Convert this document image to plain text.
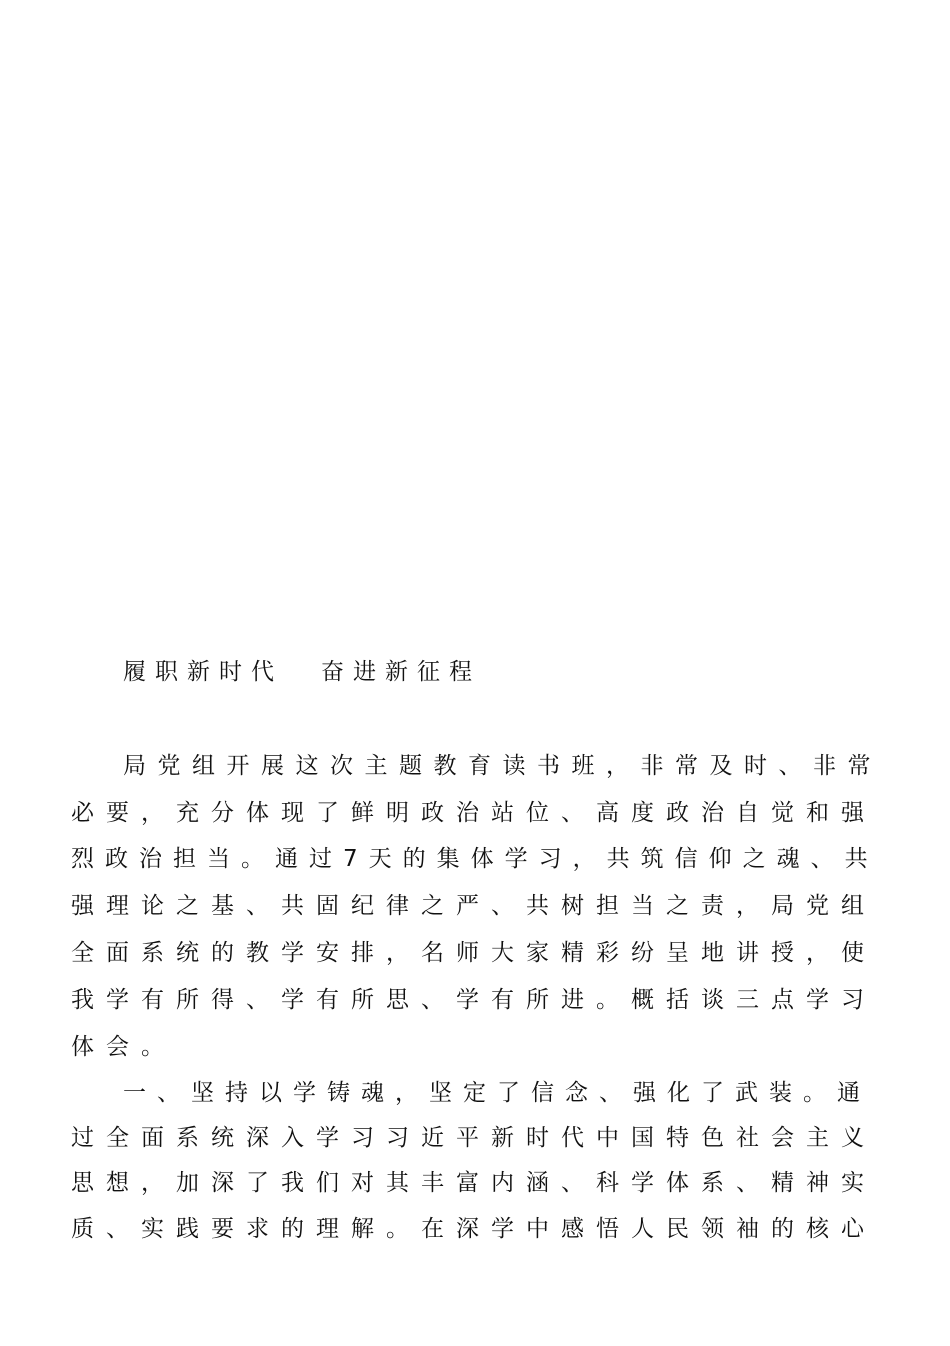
履职新时代 奋进新征程
局党组开展这次主题教育读书班，非常及时、非常
必要，充分体现了鲜明政治站位、高度政治自觉和强
烈政治担当。通过7天的集体学习，共筑信仰之魂、共
强理论之基、共固纪律之严、共树担当之责，局党组
全面系统的教学安排，名师大家精彩纷呈地讲授，使
我学有所得、学有所思、学有所进。概括谈三点学习
体会。
一、坚持以学铸魂，坚定了信念、强化了武装。通
过全面系统深入学习习近平新时代中国特色社会主义
思想，加深了我们对其丰富内涵、科学体系、精神实
质、实践要求的理解。在深学中感悟人民领袖的核心
